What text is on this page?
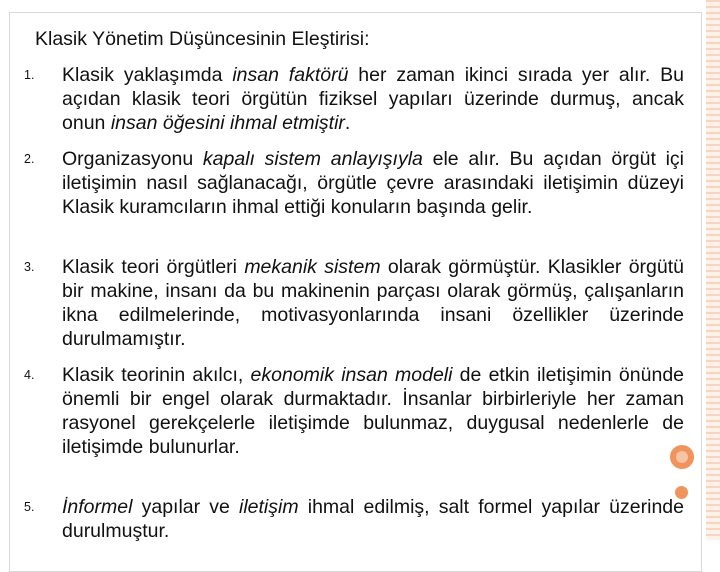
Klasik Yönetim Düşüncesinin Eleştirisi:
1. Klasik yaklaşımda insan faktörü her zaman ikinci sırada yer alır. Bu açıdan klasik teori örgütün fiziksel yapıları üzerinde durmuş, ancak onun insan öğesini ihmal etmiştir.
2. Organizasyonu kapalı sistem anlayışıyla ele alır. Bu açıdan örgüt içi iletişimin nasıl sağlanacağı, örgütle çevre arasındaki iletişimin düzeyi Klasik kuramcıların ihmal ettiği konuların başında gelir.
3. Klasik teori örgütleri mekanik sistem olarak görmüştür. Klasikler örgütü bir makine, insanı da bu makinenin parçası olarak görmüş, çalışanların ikna edilmelerinde, motivasyonlarında insani özellikler üzerinde durulmamıştır.
4. Klasik teorinin akılcı, ekonomik insan modeli de etkin iletişimin önünde önemli bir engel olarak durmaktadır. İnsanlar birbirleriyle her zaman rasyonel gerekçelerle iletişimde bulunmaz, duygusal nedenlerle de iletişimde bulunurlar.
5. İnformel yapılar ve iletişim ihmal edilmiş, salt formel yapılar üzerinde durulmuştur.
